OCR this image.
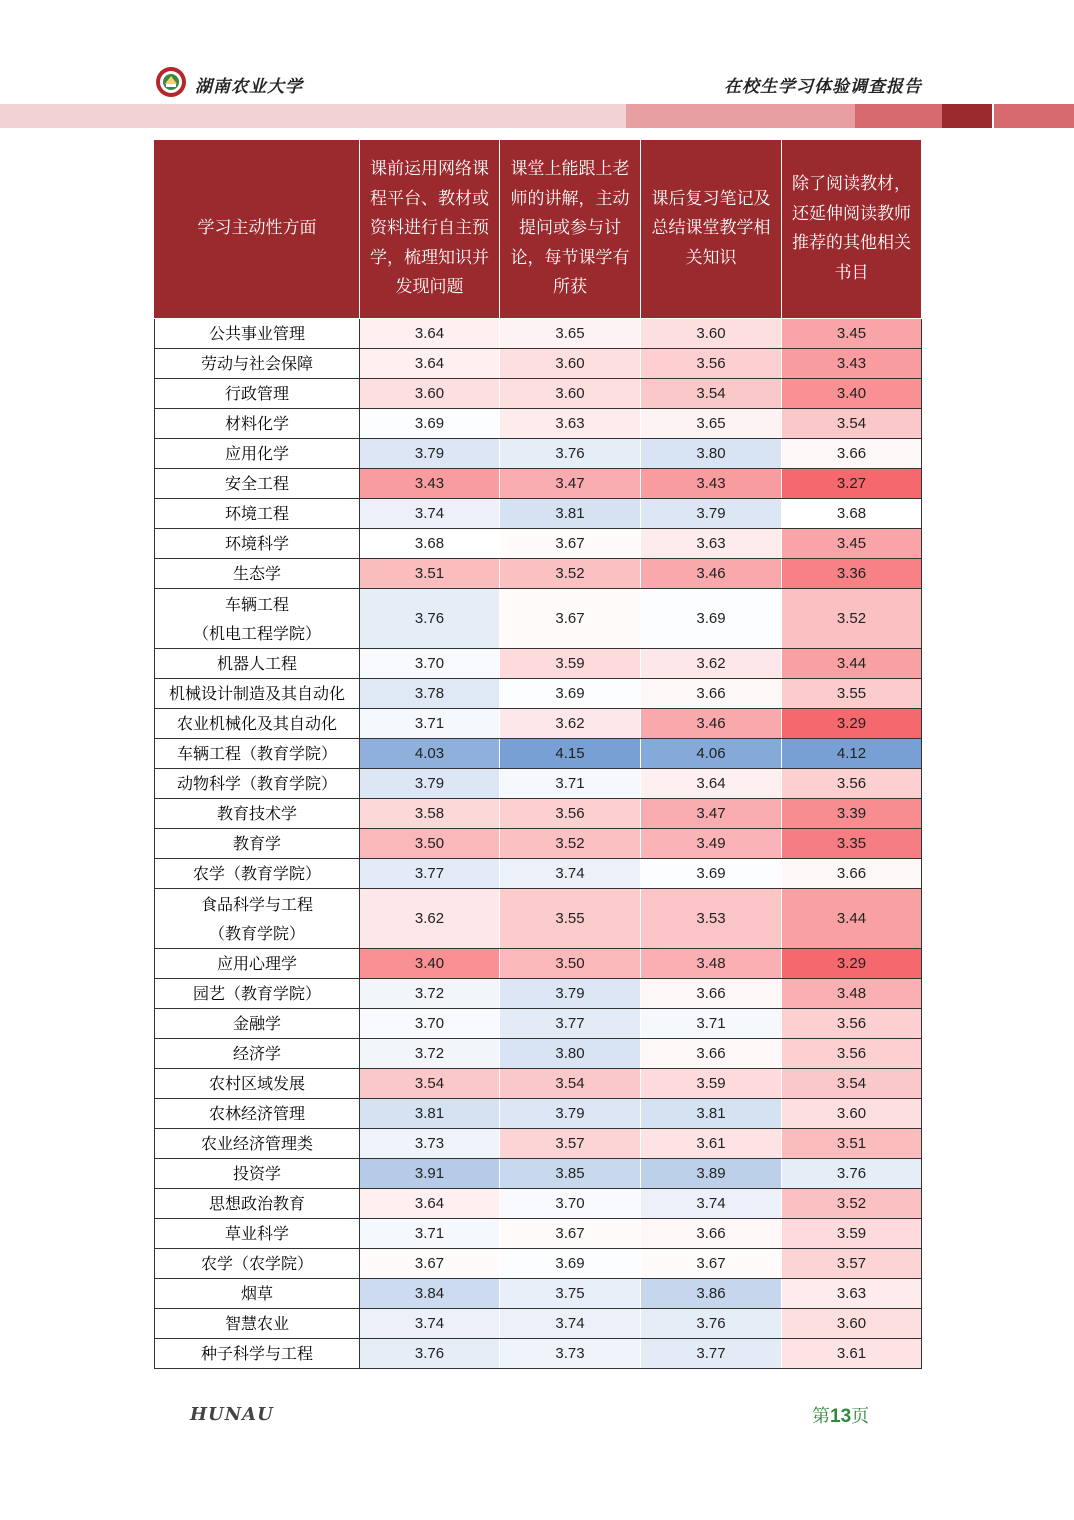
湖南农业大学	在校生学习体验调查报告
学习主动性方面	课前运用网络课程平台、教材或资料进行自主预学，梳理知识并发现问题	课堂上能跟上老师的讲解，主动提问或参与讨论，每节课学有所获	课后复习笔记及总结课堂教学相关知识	除了阅读教材，还延伸阅读教师推荐的其他相关书目

公共事业管理	3.64	3.65	3.60	3.45

劳动与社会保障	3.64	3.60	3.56	3.43

行政管理	3.60	3.60	3.54	3.40

材料化学	3.69	3.63	3.65	3.54

应用化学	3.79	3.76	3.80	3.66

安全工程	3.43	3.47	3.43	3.27

环境工程	3.74	3.81	3.79	3.68

环境科学	3.68	3.67	3.63	3.45

生态学	3.51	3.52	3.46	3.36

车辆工程
（机电工程学院）	3.76	3.67	3.69	3.52

机器人工程	3.70	3.59	3.62	3.44

机械设计制造及其自动化	3.78	3.69	3.66	3.55

农业机械化及其自动化	3.71	3.62	3.46	3.29

车辆工程（教育学院）	4.03	4.15	4.06	4.12

动物科学（教育学院）	3.79	3.71	3.64	3.56

教育技术学	3.58	3.56	3.47	3.39

教育学	3.50	3.52	3.49	3.35

农学（教育学院）	3.77	3.74	3.69	3.66

食品科学与工程
（教育学院）	3.62	3.55	3.53	3.44

应用心理学	3.40	3.50	3.48	3.29

园艺（教育学院）	3.72	3.79	3.66	3.48

金融学	3.70	3.77	3.71	3.56

经济学	3.72	3.80	3.66	3.56

农村区域发展	3.54	3.54	3.59	3.54

农林经济管理	3.81	3.79	3.81	3.60

农业经济管理类	3.73	3.57	3.61	3.51

投资学	3.91	3.85	3.89	3.76

思想政治教育	3.64	3.70	3.74	3.52

草业科学	3.71	3.67	3.66	3.59

农学（农学院）	3.67	3.69	3.67	3.57

烟草	3.84	3.75	3.86	3.63

智慧农业	3.74	3.74	3.76	3.60

种子科学与工程	3.76	3.73	3.77	3.61
HUNAU	第13页
